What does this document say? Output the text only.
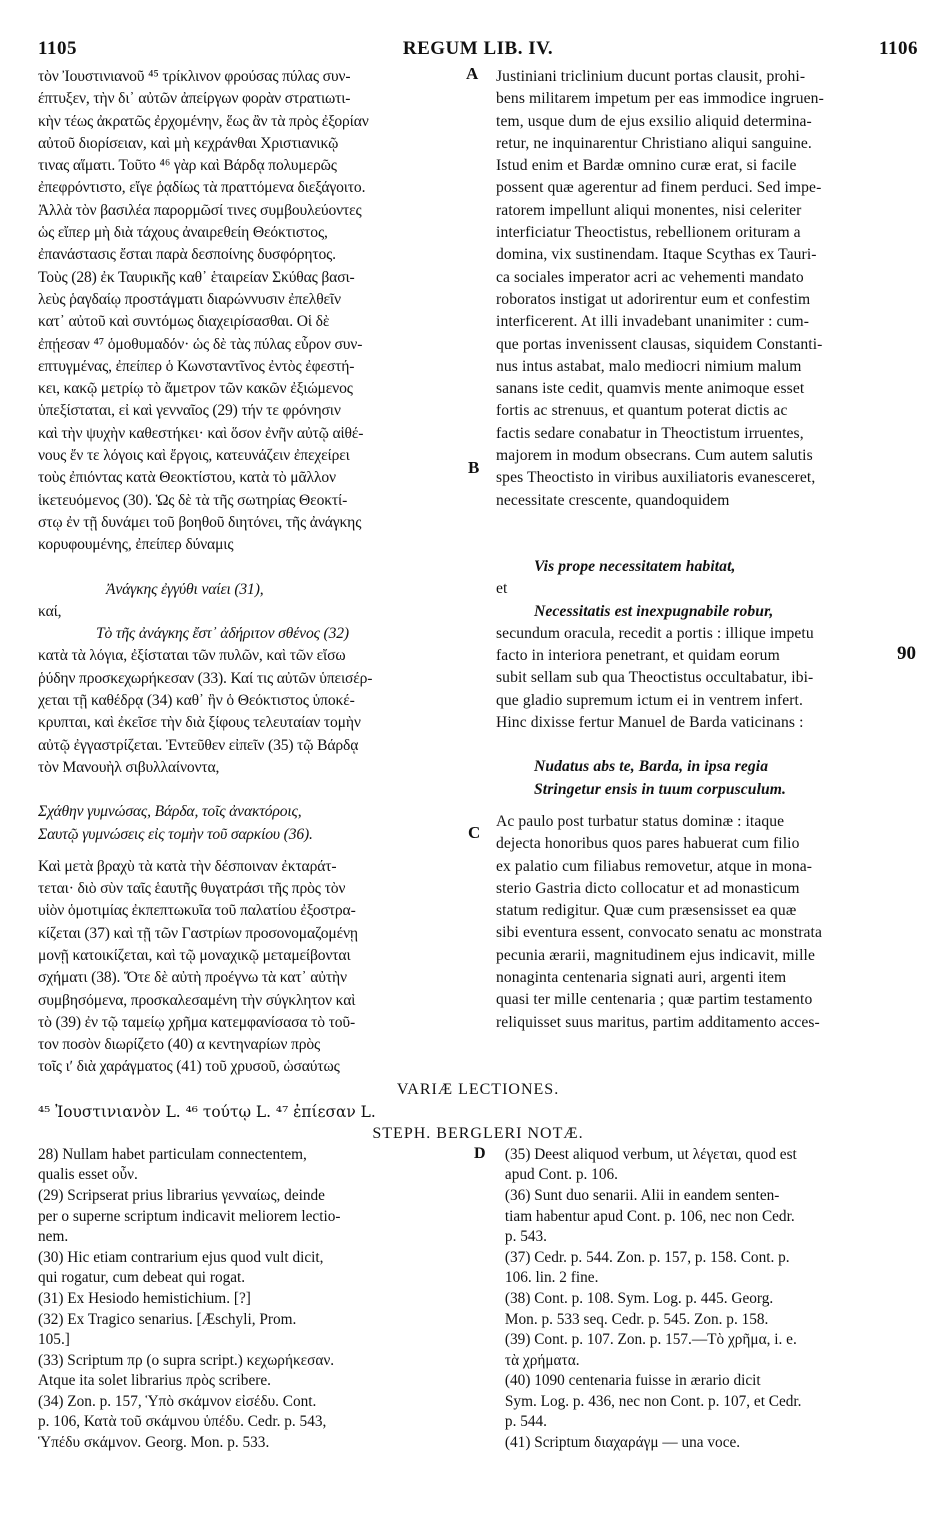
1105	REGUM LIB. IV.	1106
A
B
C
τὸν Ἰουστινιανοῦ ⁴⁵ τρίκλινον φρούσας πύλας συν-
έπτυξεν, τὴν δι᾽ αὐτῶν ἀπείργων φορὰν στρατιωτι-
κὴν τέως ἀκρατῶς ἐρχομένην, ἕως ἂν τὰ πρὸς ἐξορίαν
αὐτοῦ διορίσειαν, καὶ μὴ κεχράνθαι Χριστιανικῷ
τινας αἵματι. Τοῦτο ⁴⁶ γὰρ καὶ Βάρδᾳ πολυμερῶς
ἐπεφρόντιστο, εἴγε ῥᾳδίως τὰ πραττόμενα διεξάγοιτο.
Ἀλλὰ τὸν βασιλέα παρορμῶσί τινες συμβουλεύοντες
ὡς εἴπερ μὴ διὰ τάχους ἀναιρεθείη Θεόκτιστος,
ἐπανάστασις ἔσται παρὰ δεσποίνης δυσφόρητος.
Τοὺς (28) ἐκ Ταυρικῆς καθ᾽ ἑταιρείαν Σκύθας βασι-
λεὺς ῥαγδαίῳ προστάγματι διαρώννυσιν ἐπελθεῖν
κατ᾽ αὐτοῦ καὶ συντόμως διαχειρίσασθαι. Οἱ δὲ
ἐπῄεσαν ⁴⁷ ὁμοθυμαδόν· ὡς δὲ τὰς πύλας εὗρον συν-
επτυγμένας, ἐπείπερ ὁ Κωνσταντῖνος ἐντὸς ἐφεστή-
κει, κακῷ μετρίῳ τὸ ἄμετρον τῶν κακῶν ἐξιώμενος
ὑπεξίσταται, εἰ καὶ γενναῖος (29) τήν τε φρόνησιν
καὶ τὴν ψυχὴν καθεστήκει· καὶ ὅσον ἐνῆν αὐτῷ αἱθέ-
νους ἔν τε λόγοις καὶ ἔργοις, κατευνάζειν ἐπεχείρει
τοὺς ἐπιόντας κατὰ Θεοκτίστου, κατὰ τὸ μᾶλλον
ἱκετευόμενος (30). Ὡς δὲ τὰ τῆς σωτηρίας Θεοκτί-
στῳ ἐν τῇ δυνάμει τοῦ βοηθοῦ διητόνει, τῆς ἀνάγκης
κορυφουμένης, ἐπείπερ δύναμις
Ἀνάγκης ἐγγύθι ναίει (31),
καί,
Τὸ τῆς ἀνάγκης ἔστ᾽ ἀδήριτον σθένος (32)
κατὰ τὰ λόγια, ἐξίσταται τῶν πυλῶν, καὶ τῶν εἴσω
ῥύδην προσκεχωρήκεσαν (33). Καί τις αὐτῶν ὑπεισέρ-
χεται τῇ καθέδρᾳ (34) καθ᾽ ἣν ὁ Θεόκτιστος ὑποκέ-
κρυπται, καὶ ἐκεῖσε τὴν διὰ ξίφους τελευταίαν τομὴν
αὐτῷ ἐγγαστρίζεται. Ἐντεῦθεν εἰπεῖν (35) τῷ Βάρδᾳ
τὸν Μανουὴλ σιβυλλαίνοντα,
Σχάθην γυμνώσας, Βάρδα, τοῖς ἀνακτόροις,
Σαυτῷ γυμνώσεις εἰς τομὴν τοῦ σαρκίου (36).
Καὶ μετὰ βραχὺ τὰ κατὰ τὴν δέσποιναν ἐκταράτ-
τεται· διὸ σὺν ταῖς ἑαυτῆς θυγατράσι τῆς πρὸς τὸν
υἱὸν ὁμοτιμίας ἐκπεπτωκυῖα τοῦ παλατίου ἐξοστρα-
κίζεται (37) καὶ τῇ τῶν Γαστρίων προσονομαζομένῃ
μονῇ κατοικίζεται, καὶ τῷ μοναχικῷ μεταμείβονται
σχήματι (38). Ὅτε δὲ αὐτὴ προέγνω τὰ κατ᾽ αὐτὴν
συμβησόμενα, προσκαλεσαμένη τὴν σύγκλητον καὶ
τὸ (39) ἐν τῷ ταμείῳ χρῆμα κατεμφανίσασα τὸ τοῦ-
τον ποσὸν διωρίζετο (40) α κεντηναρίων πρὸς
τοῖς ιʹ διὰ χαράγματος (41) τοῦ χρυσοῦ, ὡσαύτως
Justiniani triclinium ducunt portas clausit, prohi-
bens militarem impetum per eas immodice ingruen-
tem, usque dum de ejus exsilio aliquid determina-
retur, ne inquinarentur Christiano aliqui sanguine.
Istud enim et Bardæ omnino curæ erat, si facile
possent quæ agerentur ad finem perduci. Sed impe-
ratorem impellunt aliqui monentes, nisi celeriter
interficiatur Theoctistus, rebellionem orituram a
domina, vix sustinendam. Itaque Scythas ex Tauri-
ca sociales imperator acri ac vehementi mandato
roboratos instigat ut adorirentur eum et confestim
interficerent. At illi invadebant unanimiter : cum-
que portas invenissent clausas, siquidem Constanti-
nus intus astabat, malo mediocri nimium malum
sanans iste cedit, quamvis mente animoque esset
fortis ac strenuus, et quantum poterat dictis ac
factis sedare conabatur in Theoctistum irruentes,
majorem in modum obsecrans. Cum autem salutis
spes Theoctisto in viribus auxiliatoris evanesceret,
necessitate crescente, quandoquidem
Vis prope necessitatem habitat,
et
Necessitatis est inexpugnabile robur,
secundum oracula, recedit a portis : illique impetu
facto in interiora penetrant, et quidam eorum
subit sellam sub qua Theoctistus occultabatur, ibi-
que gladio supremum ictum ei in ventrem infert.
Hinc dixisse fertur Manuel de Barda vaticinans :
90
Nudatus abs te, Barda, in ipsa regia
Stringetur ensis in tuum corpusculum.
Ac paulo post turbatur status dominæ : itaque
dejecta honoribus quos pares habuerat cum filio
ex palatio cum filiabus removetur, atque in mona-
sterio Gastria dicto collocatur et ad monasticum
statum redigitur. Quæ cum præsensisset ea quæ
sibi eventura essent, convocato senatu ac monstrata
pecunia ærarii, magnitudinem ejus indicavit, mille
nonaginta centenaria signati auri, argenti item
quasi ter mille centenaria ; quæ partim testamento
reliquisset suus maritus, partim additamento acces-
VARIÆ LECTIONES.
⁴⁵ Ἰουστινιανὸν L. ⁴⁶ τούτῳ L. ⁴⁷ ἐπίεσαν L.
STEPH. BERGLERI NOTÆ.
D
28) Nullam habet particulam connectentem,
qualis esset οὖν.
(29) Scripserat prius librarius γενναίως, deinde
per o superne scriptum indicavit meliorem lectio-
nem.
(30) Hic etiam contrarium ejus quod vult dicit,
qui rogatur, cum debeat qui rogat.
(31) Ex Hesiodo hemistichium. [?]
(32) Ex Tragico senarius. [Æschyli, Prom.
105.]
(33) Scriptum πρ (o supra script.) κεχωρήκεσαν.
Atque ita solet librarius πρὸς scribere.
(34) Zon. p. 157, Ὑπὸ σκάμνον εἰσέδυ. Cont.
p. 106, Κατὰ τοῦ σκάμνου ὑπέδυ. Cedr. p. 543,
Ὑπέδυ σκάμνον. Georg. Mon. p. 533.
(35) Deest aliquod verbum, ut λέγεται, quod est
apud Cont. p. 106.
(36) Sunt duo senarii. Alii in eandem senten-
tiam habentur apud Cont. p. 106, nec non Cedr.
p. 543.
(37) Cedr. p. 544. Zon. p. 157, p. 158. Cont. p.
106. lin. 2 fine.
(38) Cont. p. 108. Sym. Log. p. 445. Georg.
Mon. p. 533 seq. Cedr. p. 545. Zon. p. 158.
(39) Cont. p. 107. Zon. p. 157.—Τὸ χρῆμα, i. e.
τὰ χρήματα.
(40) 1090 centenaria fuisse in ærario dicit
Sym. Log. p. 436, nec non Cont. p. 107, et Cedr.
p. 544.
(41) Scriptum διαχαράγμ — una voce.
